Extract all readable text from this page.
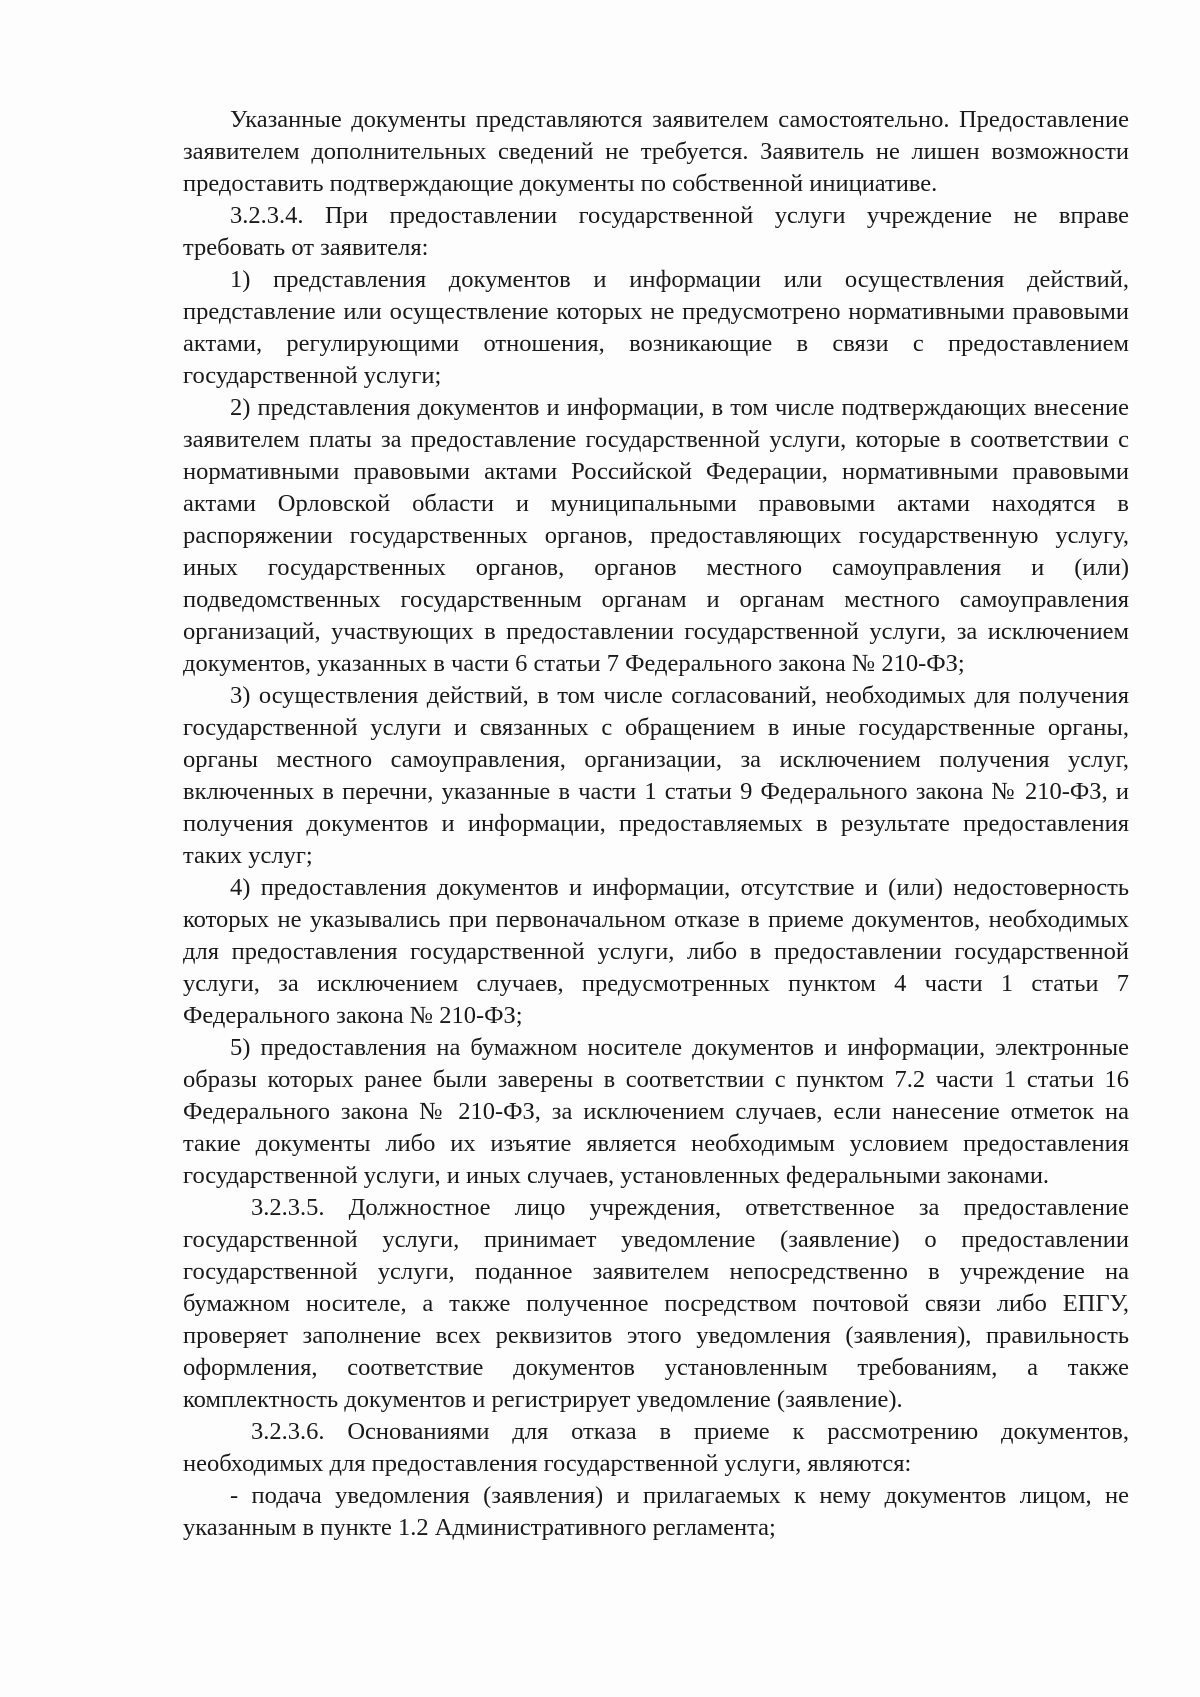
Указанные документы представляются заявителем самостоятельно. Предоставление заявителем дополнительных сведений не требуется. Заявитель не лишен возможности предоставить подтверждающие документы по собственной инициативе.

3.2.3.4. При предоставлении государственной услуги учреждение не вправе требовать от заявителя:

1) представления документов и информации или осуществления действий, представление или осуществление которых не предусмотрено нормативными правовыми актами, регулирующими отношения, возникающие в связи с предоставлением государственной услуги;

2) представления документов и информации, в том числе подтверждающих внесение заявителем платы за предоставление государственной услуги, которые в соответствии с нормативными правовыми актами Российской Федерации, нормативными правовыми актами Орловской области и муниципальными правовыми актами находятся в распоряжении государственных органов, предоставляющих государственную услугу, иных государственных органов, органов местного самоуправления и (или) подведомственных государственным органам и органам местного самоуправления организаций, участвующих в предоставлении государственной услуги, за исключением документов, указанных в части 6 статьи 7 Федерального закона № 210-ФЗ;

3) осуществления действий, в том числе согласований, необходимых для получения государственной услуги и связанных с обращением в иные государственные органы, органы местного самоуправления, организации, за исключением получения услуг, включенных в перечни, указанные в части 1 статьи 9 Федерального закона № 210-ФЗ, и получения документов и информации, предоставляемых в результате предоставления таких услуг;

4) предоставления документов и информации, отсутствие и (или) недостоверность которых не указывались при первоначальном отказе в приеме документов, необходимых для предоставления государственной услуги, либо в предоставлении государственной услуги, за исключением случаев, предусмотренных пунктом 4 части 1 статьи 7 Федерального закона № 210-ФЗ;

5) предоставления на бумажном носителе документов и информации, электронные образы которых ранее были заверены в соответствии с пунктом 7.2 части 1 статьи 16 Федерального закона № 210-ФЗ, за исключением случаев, если нанесение отметок на такие документы либо их изъятие является необходимым условием предоставления государственной услуги, и иных случаев, установленных федеральными законами.

3.2.3.5. Должностное лицо учреждения, ответственное за предоставление государственной услуги, принимает уведомление (заявление) о предоставлении государственной услуги, поданное заявителем непосредственно в учреждение на бумажном носителе, а также полученное посредством почтовой связи либо ЕПГУ, проверяет заполнение всех реквизитов этого уведомления (заявления), правильность оформления, соответствие документов установленным требованиям, а также комплектность документов и регистрирует уведомление (заявление).

3.2.3.6. Основаниями для отказа в приеме к рассмотрению документов, необходимых для предоставления государственной услуги, являются:

- подача уведомления (заявления) и прилагаемых к нему документов лицом, не указанным в пункте 1.2 Административного регламента;
